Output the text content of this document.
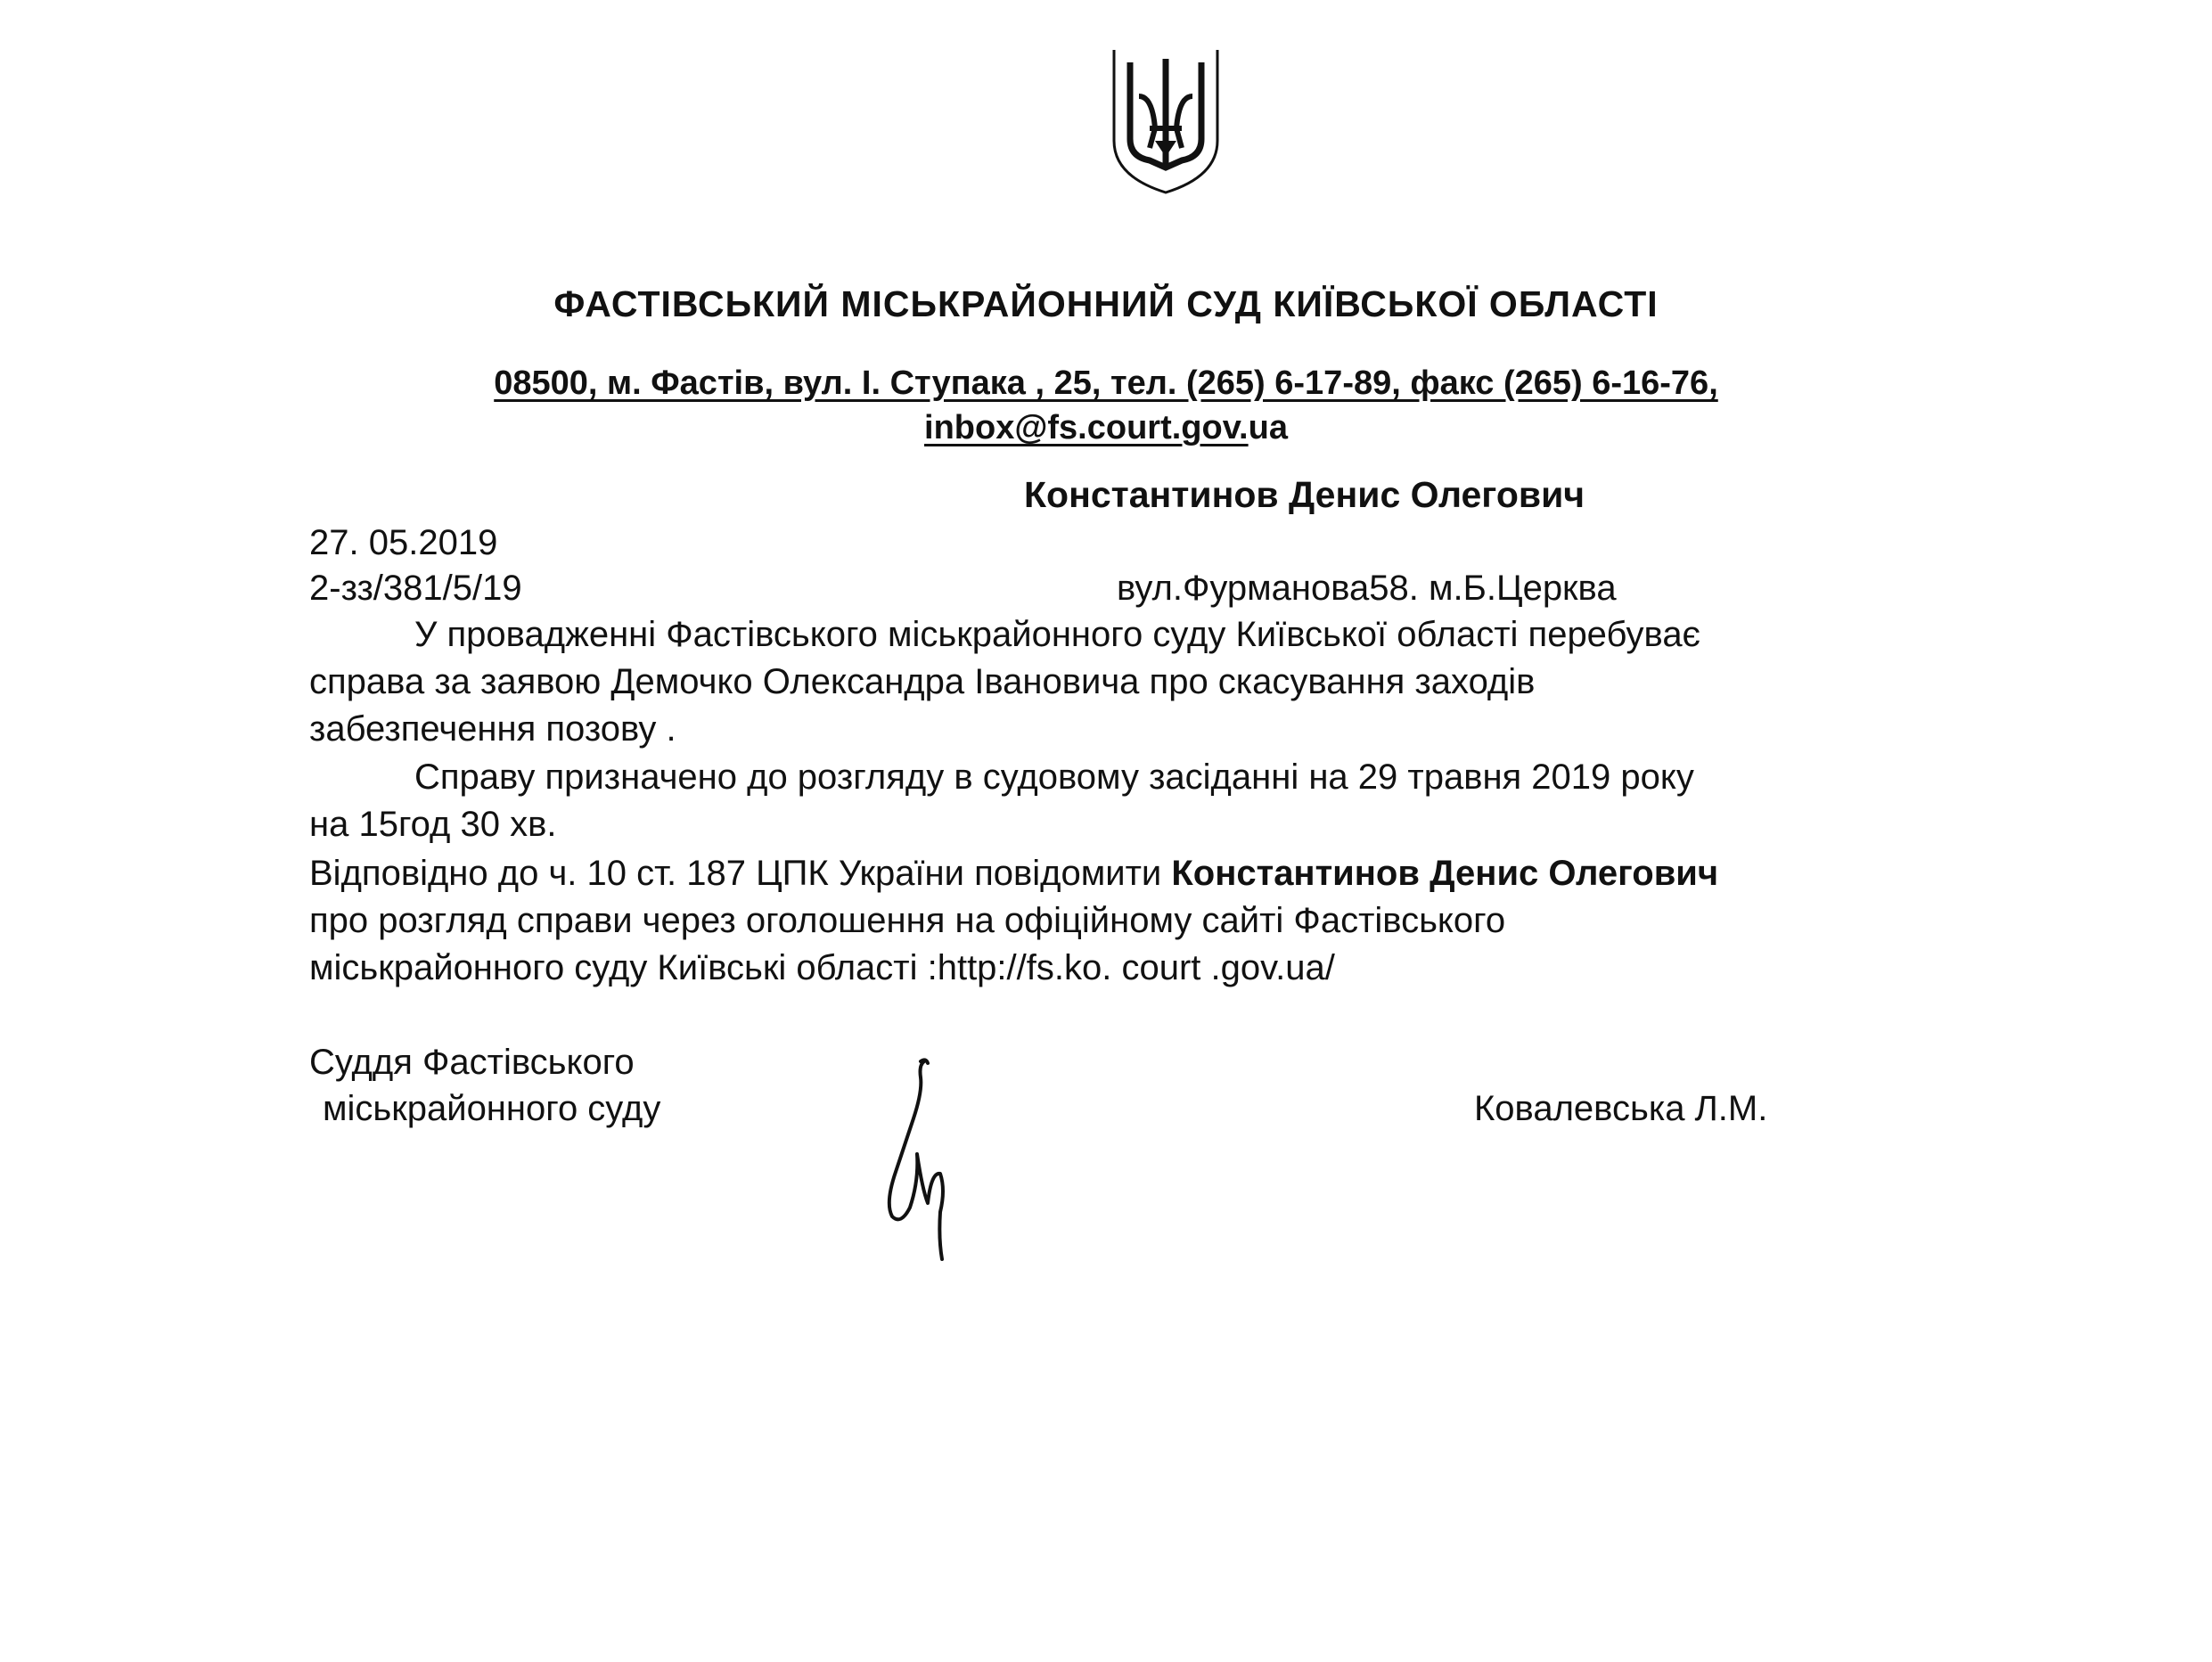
ФАСТІВСЬКИЙ МІСЬКРАЙОННИЙ СУД КИЇВСЬКОЇ ОБЛАСТІ
08500, м. Фастів, вул. І. Ступака , 25, тел. (265) 6-17-89, факс (265) 6-16-76,
inbox@fs.court.gov.ua
Константинов Денис Олегович
27. 05.2019
2-зз/381/5/19	вул.Фурманова58. м.Б.Церква
У провадженні Фастівського міськрайонного суду Київської області перебуває
справа за заявою Демочко Олександра Івановича про скасування заходів
забезпечення позову .
Справу призначено до розгляду в судовому засіданні на 29 травня 2019 року
на 15год 30 хв.
Відповідно до ч. 10 ст. 187 ЦПК України повідомити Константинов Денис Олегович
про розгляд справи через оголошення на офіційному сайті Фастівського
міськрайонного суду Київські області :http://fs.ko. court .gov.ua/
Суддя Фастівського
міськрайонного суду	Ковалевська Л.М.
